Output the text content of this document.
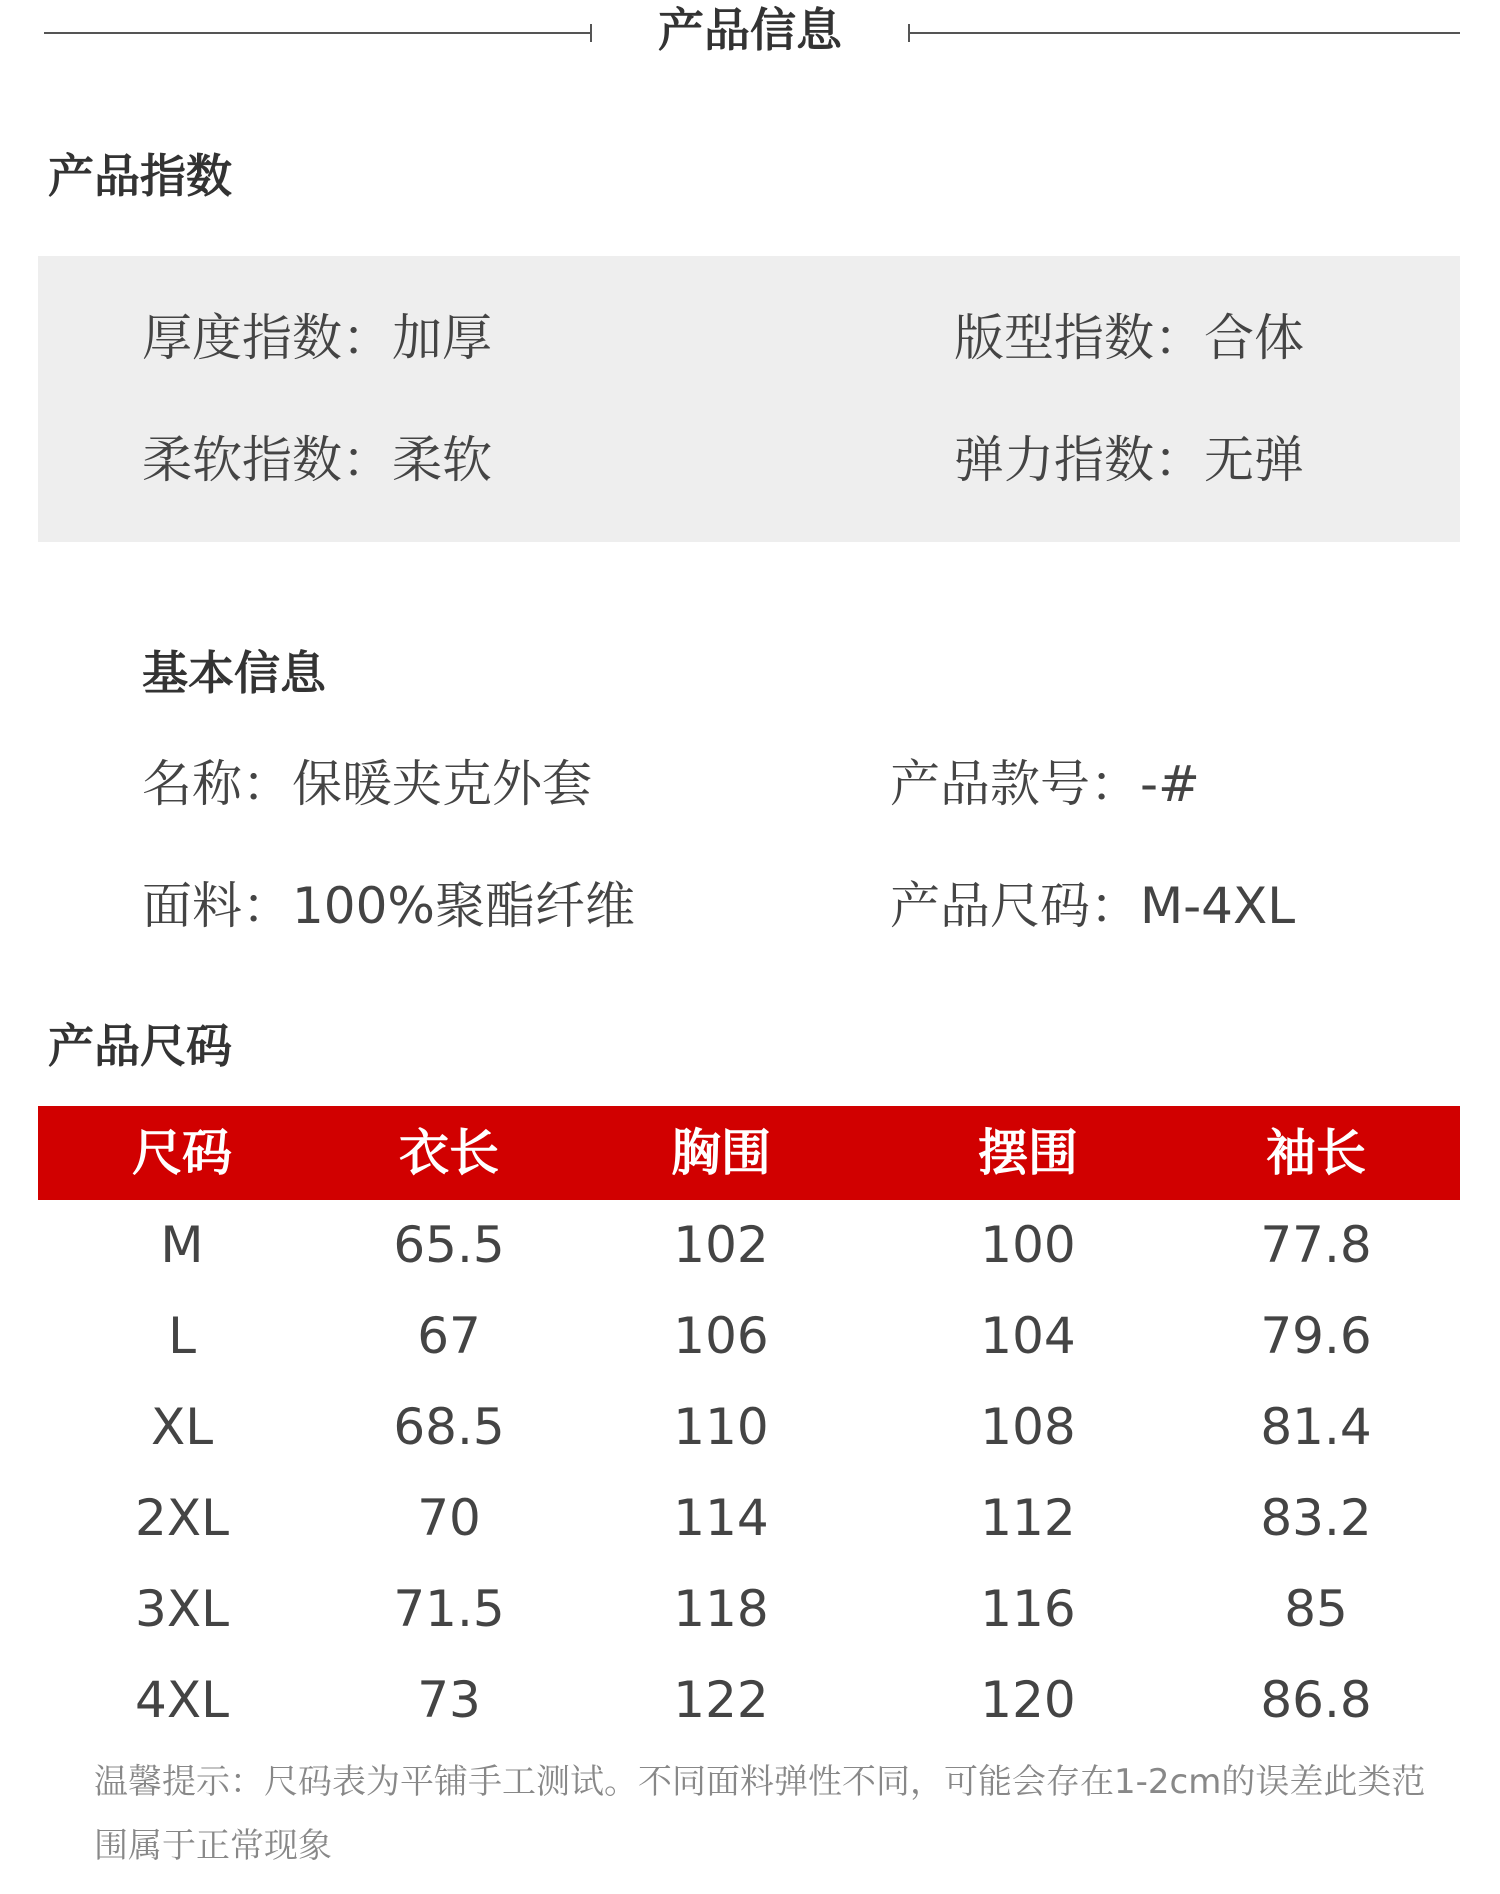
产品信息
产品指数
厚度指数：加厚	版型指数：合体
柔软指数：柔软	弹力指数：无弹
基本信息
名称：保暖夹克外套	产品款号：-#
面料：100%聚酯纤维	产品尺码：M-4XL
产品尺码
尺码	衣长	胸围	摆围	袖长
M	65.5	102	100	77.8
L	67	106	104	79.6
XL	68.5	110	108	81.4
2XL	70	114	112	83.2
3XL	71.5	118	116	85
4XL	73	122	120	86.8
温馨提示：尺码表为平铺手工测试。不同面料弹性不同，可能会存在1-2cm的误差此类范围属于正常现象
